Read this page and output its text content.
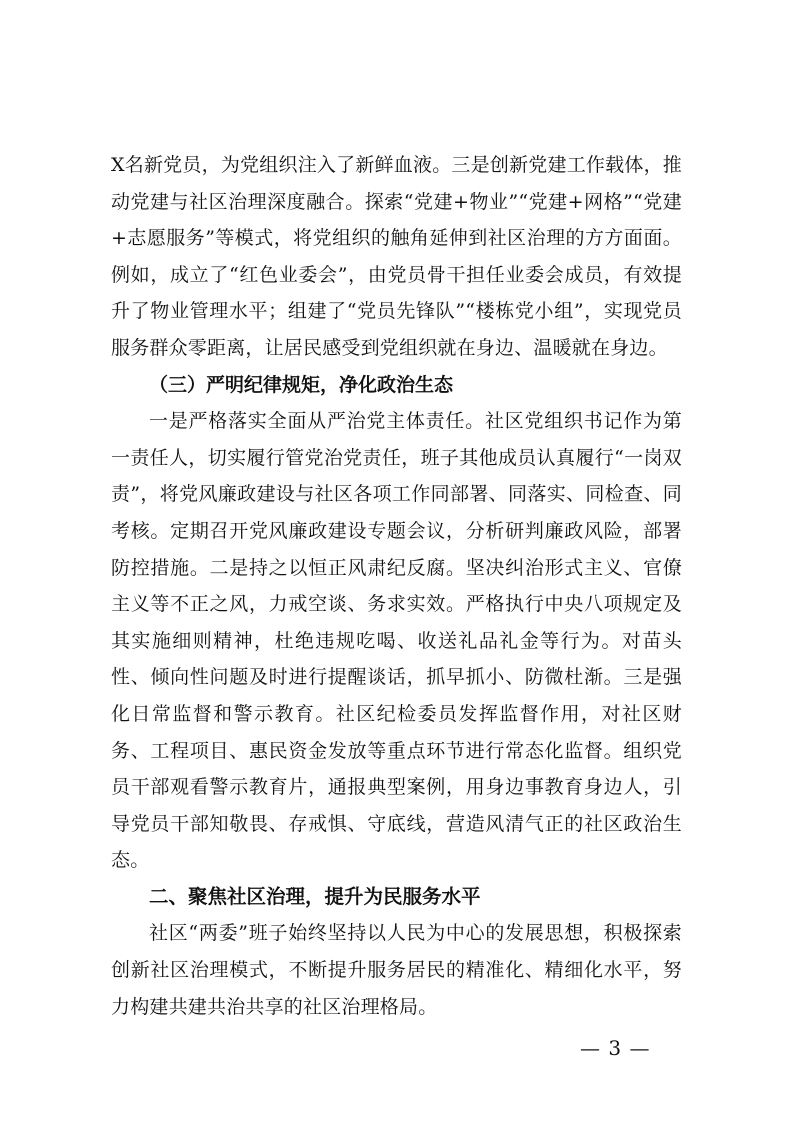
X名新党员，为党组织注入了新鲜血液。三是创新党建工作载体，推动党建与社区治理深度融合。探索“党建+物业”“党建+网格”“党建+志愿服务”等模式，将党组织的触角延伸到社区治理的方方面面。例如，成立了“红色业委会”，由党员骨干担任业委会成员，有效提升了物业管理水平；组建了“党员先锋队”“楼栋党小组”，实现党员服务群众零距离，让居民感受到党组织就在身边、温暖就在身边。

（三）严明纪律规矩，净化政治生态

一是严格落实全面从严治党主体责任。社区党组织书记作为第一责任人，切实履行管党治党责任，班子其他成员认真履行“一岗双责”，将党风廉政建设与社区各项工作同部署、同落实、同检查、同考核。定期召开党风廉政建设专题会议，分析研判廉政风险，部署防控措施。二是持之以恒正风肃纪反腐。坚决纠治形式主义、官僚主义等不正之风，力戒空谈、务求实效。严格执行中央八项规定及其实施细则精神，杜绝违规吃喝、收送礼品礼金等行为。对苗头性、倾向性问题及时进行提醒谈话，抓早抓小、防微杜渐。三是强化日常监督和警示教育。社区纪检委员发挥监督作用，对社区财务、工程项目、惠民资金发放等重点环节进行常态化监督。组织党员干部观看警示教育片，通报典型案例，用身边事教育身边人，引导党员干部知敬畏、存戒惧、守底线，营造风清气正的社区政治生态。

二、聚焦社区治理，提升为民服务水平

社区“两委”班子始终坚持以人民为中心的发展思想，积极探索创新社区治理模式，不断提升服务居民的精准化、精细化水平，努力构建共建共治共享的社区治理格局。

— 3 —
